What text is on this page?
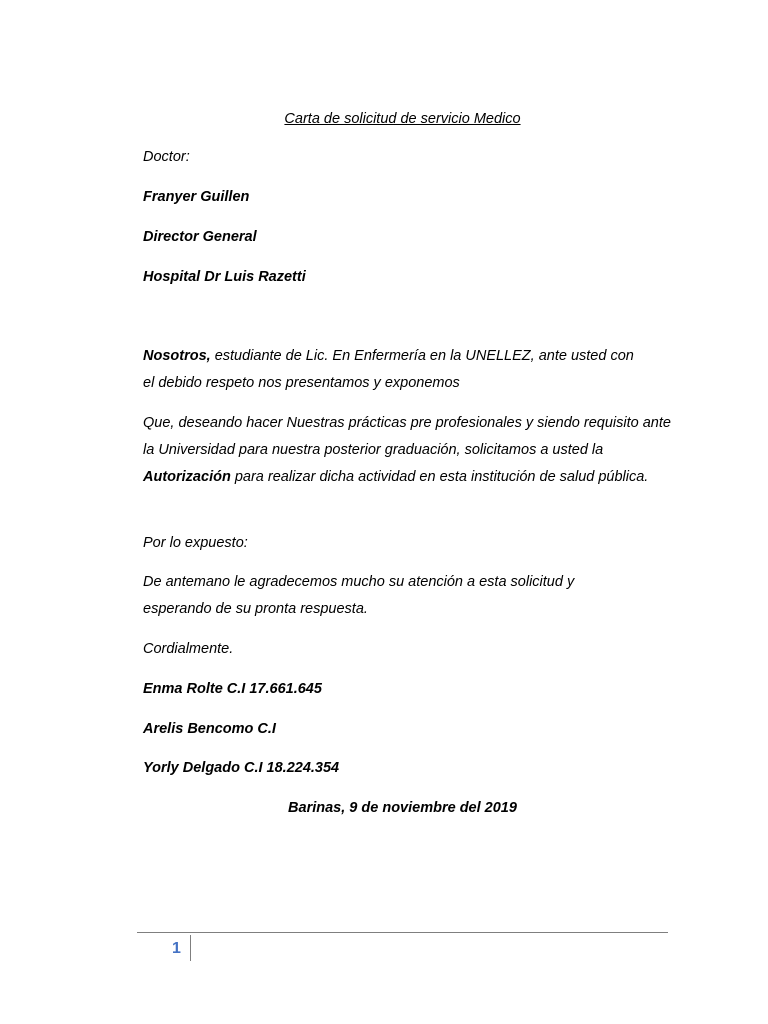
Carta de solicitud de servicio Medico

Doctor:

Franyer Guillen

Director General

Hospital Dr Luis Razetti

Nosotros, estudiante de Lic. En Enfermería en la UNELLEZ, ante usted con

el debido respeto nos presentamos y exponemos

Que, deseando hacer Nuestras prácticas pre profesionales y siendo requisito ante la Universidad para nuestra posterior graduación, solicitamos a usted la Autorización para realizar dicha actividad en esta institución de salud pública.

Por lo expuesto:

De antemano le agradecemos mucho su atención a esta solicitud y esperando de su pronta respuesta.

Cordialmente.

Enma Rolte C.I 17.661.645

Arelis Bencomo C.I

Yorly Delgado C.I 18.224.354

Barinas, 9 de noviembre del 2019

1
